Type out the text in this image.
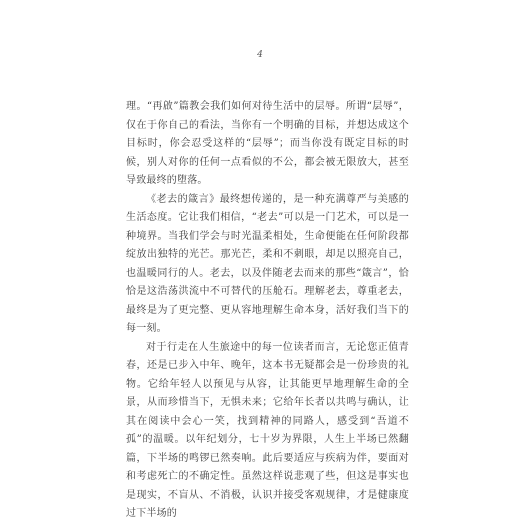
4

理。“再啟”篇教会我们如何对待生活中的层辱。所谓“层辱”，仅在于你自己的看法，当你有一个明确的目标，并想达成这个目标时，你会忍受这样的“层辱”；而当你没有既定目标的时候，别人对你的任何一点看似的不公，都会被无限放大，甚至导致最终的堕落。

《老去的箴言》最终想传递的，是一种充满尊严与美感的生活态度。它让我们相信，“老去”可以是一门艺术，可以是一种境界。当我们学会与时光温柔相处，生命便能在任何阶段都绽放出独特的光芒。那光芒，柔和不刺眼，却足以照亮自己，也温暖同行的人。老去，以及伴随老去而来的那些“箴言”，恰恰是这浩荡洪流中不可替代的压舱石。理解老去，尊重老去，最终是为了更完整、更从容地理解生命本身，活好我们当下的每一刻。

对于行走在人生旅途中的每一位读者而言，无论您正值青春，还是已步入中年、晚年，这本书无疑都会是一份珍贵的礼物。它给年轻人以预见与从容，让其能更早地理解生命的全景，从而珍惜当下，无惧未来；它给年长者以共鸣与确认，让其在阅读中会心一笑，找到精神的同路人，感受到“吾道不孤”的温暖。以年纪划分，七十岁为界限，人生上半场已然翻篇，下半场的鸣锣已然奏响。此后要适应与疾病为伴，要面对和考虑死亡的不确定性。虽然这样说悲观了些，但这是事实也是现实，不盲从、不消极，认识并接受客观规律，才是健康度过下半场的
